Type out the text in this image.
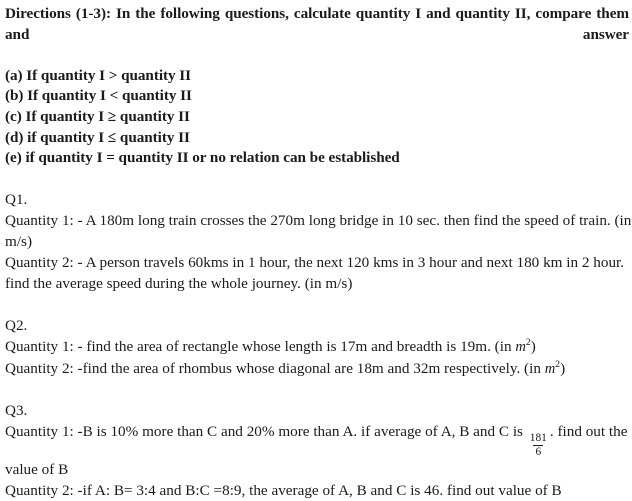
Directions (1-3): In the following questions, calculate quantity I and quantity II, compare them and answer

(a) If quantity I > quantity II

(b) If quantity I < quantity II

(c) If quantity I ≥ quantity II

(d) if quantity I ≤ quantity II

(e) if quantity I = quantity II or no relation can be established

Q1.

Quantity 1: - A 180m long train crosses the 270m long bridge in 10 sec. then find the speed of train. (in m/s)

Quantity 2: - A person travels 60kms in 1 hour, the next 120 kms in 3 hour and next 180 km in 2 hour. find the average speed during the whole journey. (in m/s)

Q2.

Quantity 1: - find the area of rectangle whose length is 17m and breadth is 19m. (in $m^2$)

Quantity 2: -find the area of rhombus whose diagonal are 18m and 32m respectively. (in $m^2$)

Q3.

Quantity 1: -B is 10% more than C and 20% more than A. if average of A, B and C is
$\frac{181}{6}$
. find out the value of B

Quantity 2: -if A: B= 3:4 and B:C =8:9, the average of A, B and C is 46. find out value of B
